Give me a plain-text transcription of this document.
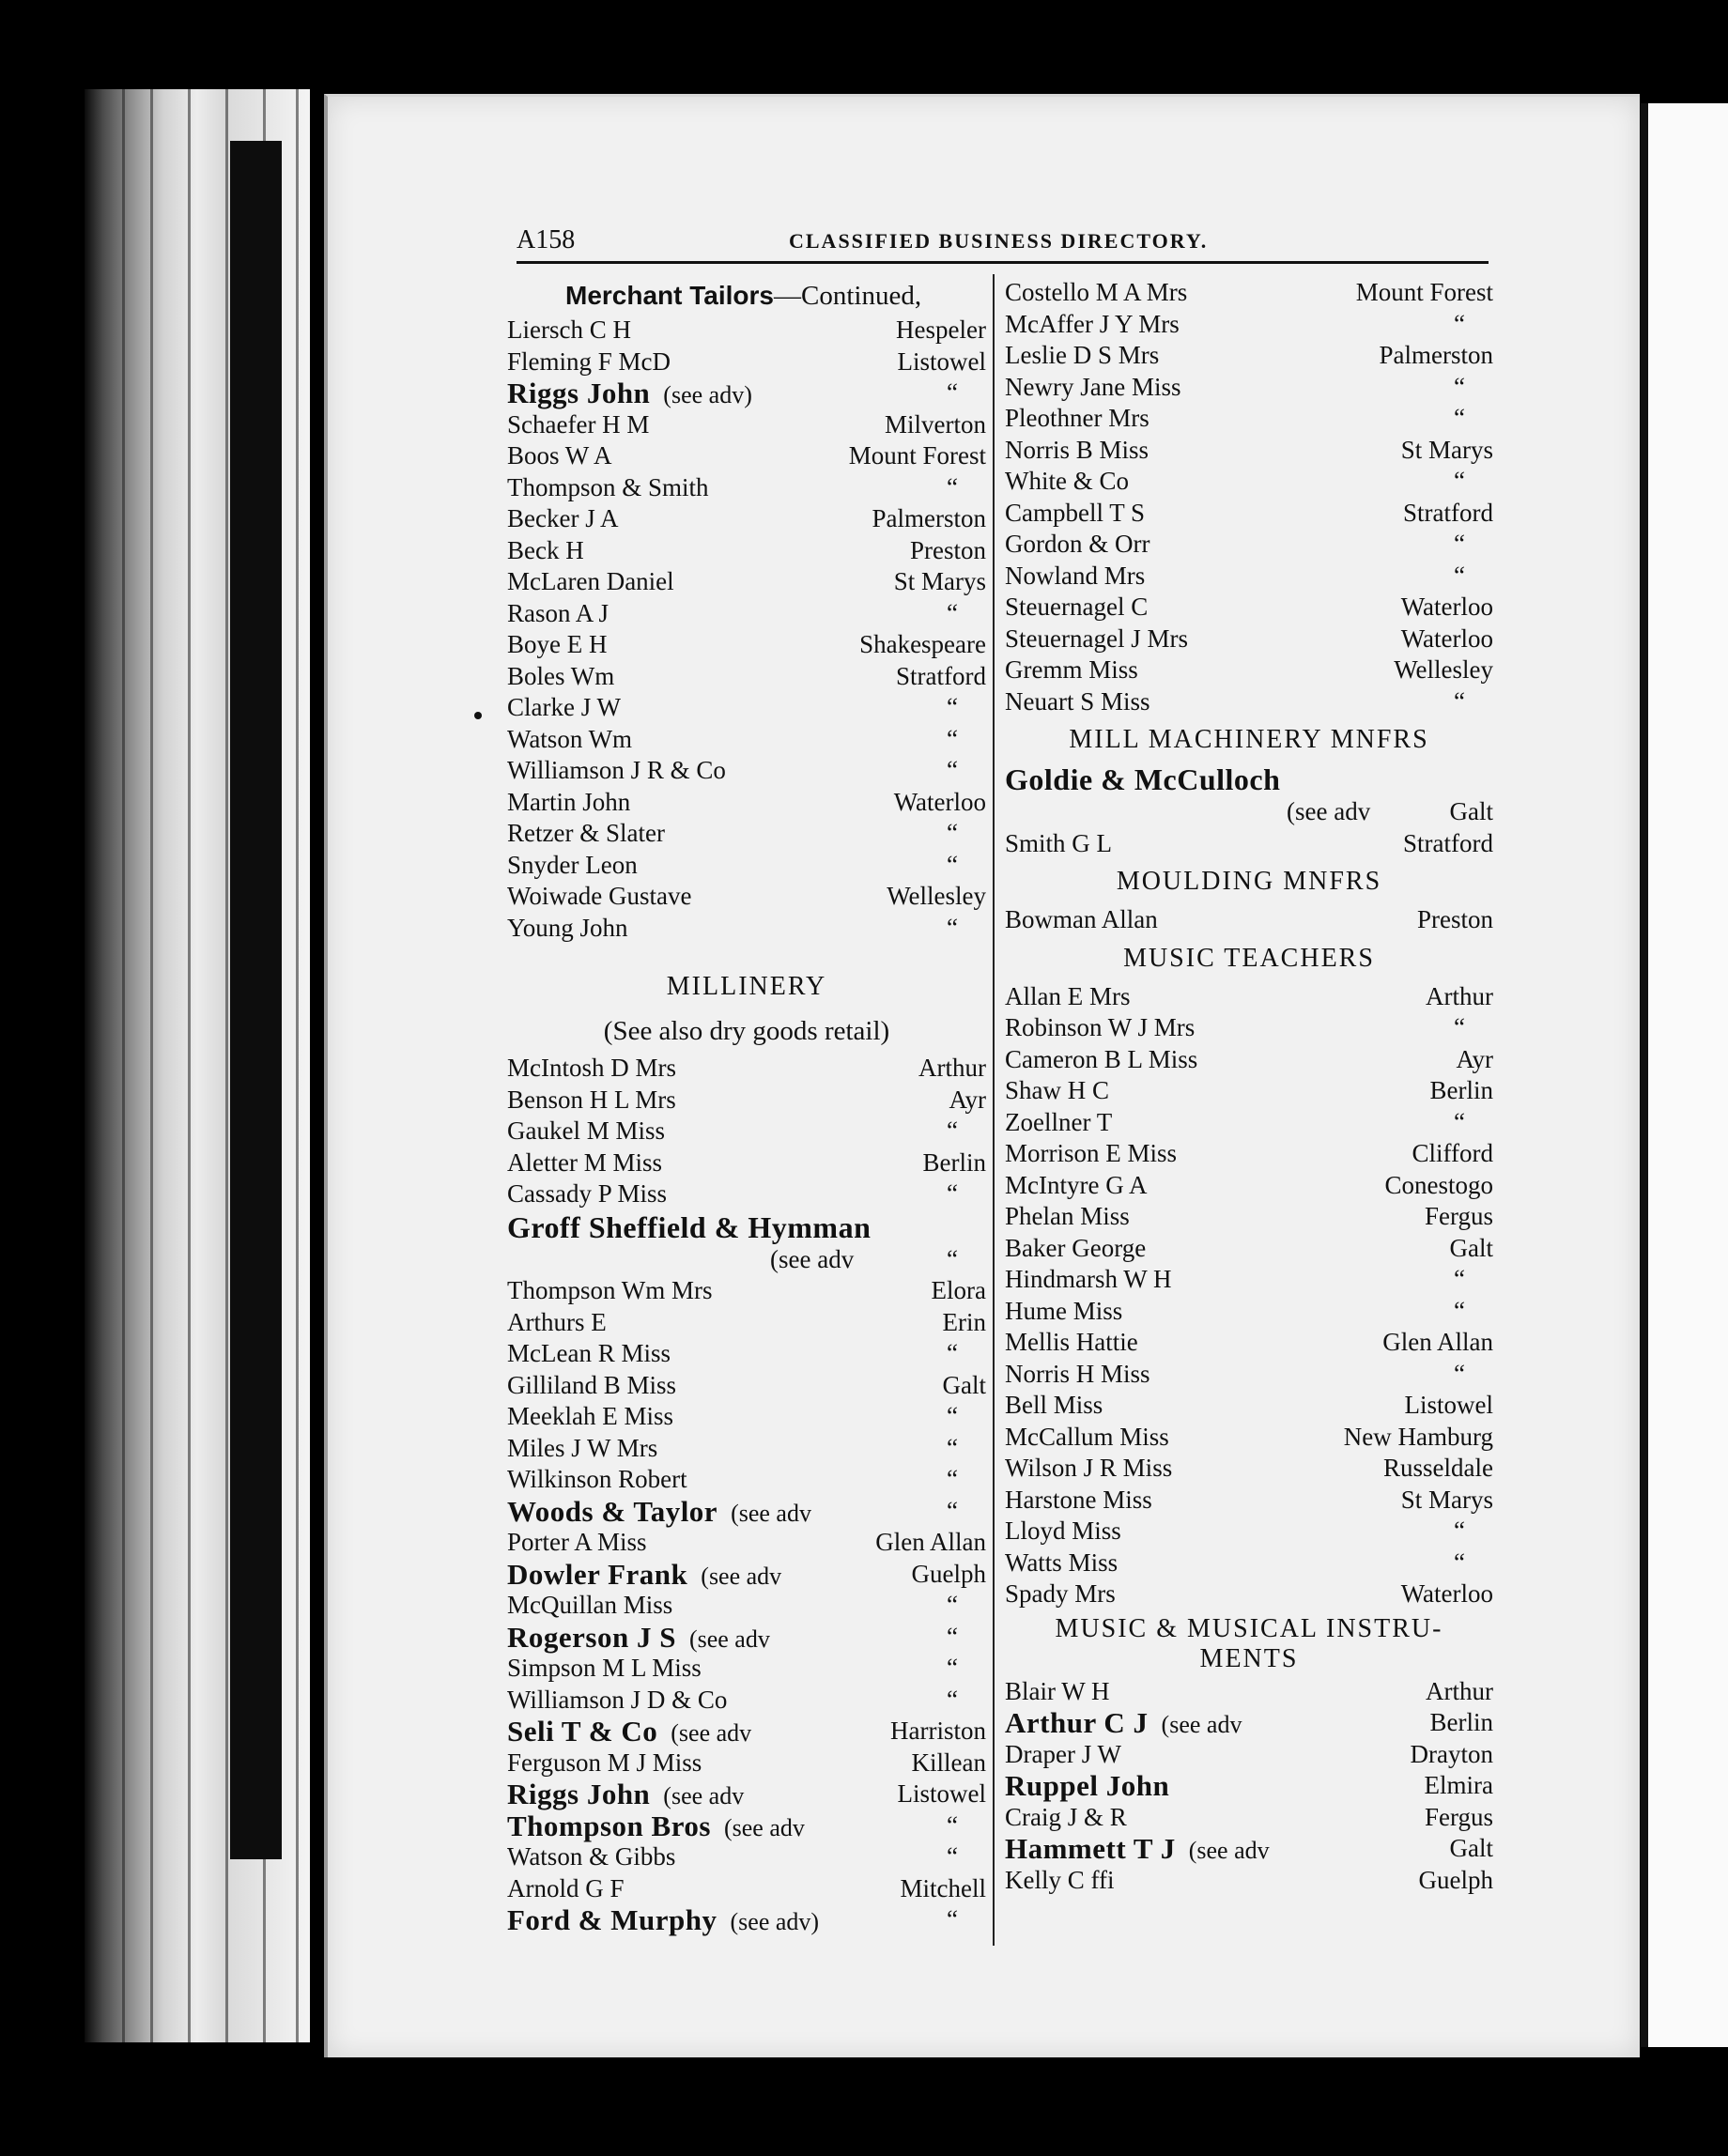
A158	CLASSIFIED BUSINESS DIRECTORY.
Merchant Tailors—Continued,
Liersch C H	Hespeler
Fleming F McD	Listowel
Riggs John (see adv)	“
Schaefer H M	Milverton
Boos W A	Mount Forest
Thompson & Smith	“
Becker J A	Palmerston
Beck H	Preston
McLaren Daniel	St Marys
Rason A J	“
Boye E H	Shakespeare
Boles Wm	Stratford
Clarke J W	“
Watson Wm	“
Williamson J R & Co	“
Martin John	Waterloo
Retzer & Slater	“
Snyder Leon	“
Woiwade Gustave	Wellesley
Young John	“
MILLINERY
(See also dry goods retail)
McIntosh D Mrs	Arthur
Benson H L Mrs	Ayr
Gaukel M Miss	“
Aletter M Miss	Berlin
Cassady P Miss	“
Groff Sheffield & Hymman
(see adv	“
Thompson Wm Mrs	Elora
Arthurs E	Erin
McLean R Miss	“
Gilliland B Miss	Galt
Meeklah E Miss	“
Miles J W Mrs	“
Wilkinson Robert	“
Woods & Taylor (see adv	“
Porter A Miss	Glen Allan
Dowler Frank (see adv	Guelph
McQuillan Miss	“
Rogerson J S (see adv	“
Simpson M L Miss	“
Williamson J D & Co	“
Seli T & Co (see adv	Harriston
Ferguson M J Miss	Killean
Riggs John (see adv	Listowel
Thompson Bros (see adv	“
Watson & Gibbs	“
Arnold G F	Mitchell
Ford & Murphy (see adv)	“
Costello M A Mrs	Mount Forest
McAffer J Y Mrs	“
Leslie D S Mrs	Palmerston
Newry Jane Miss	“
Pleothner Mrs	“
Norris B Miss	St Marys
White & Co	“
Campbell T S	Stratford
Gordon & Orr	“
Nowland Mrs	“
Steuernagel C	Waterloo
Steuernagel J Mrs	Waterloo
Gremm Miss	Wellesley
Neuart S Miss	“
MILL MACHINERY MNFRS
Goldie & McCulloch
(see adv	Galt
Smith G L	Stratford
MOULDING MNFRS
Bowman Allan	Preston
MUSIC TEACHERS
Allan E Mrs	Arthur
Robinson W J Mrs	“
Cameron B L Miss	Ayr
Shaw H C	Berlin
Zoellner T	“
Morrison E Miss	Clifford
McIntyre G A	Conestogo
Phelan Miss	Fergus
Baker George	Galt
Hindmarsh W H	“
Hume Miss	“
Mellis Hattie	Glen Allan
Norris H Miss	“
Bell Miss	Listowel
McCallum Miss	New Hamburg
Wilson J R Miss	Russeldale
Harstone Miss	St Marys
Lloyd Miss	“
Watts Miss	“
Spady Mrs	Waterloo
MUSIC & MUSICAL INSTRU-
MENTS
Blair W H	Arthur
Arthur C J (see adv	Berlin
Draper J W	Drayton
Ruppel John	Elmira
Craig J & R	Fergus
Hammett T J (see adv	Galt
Kelly C ffi	Guelph
